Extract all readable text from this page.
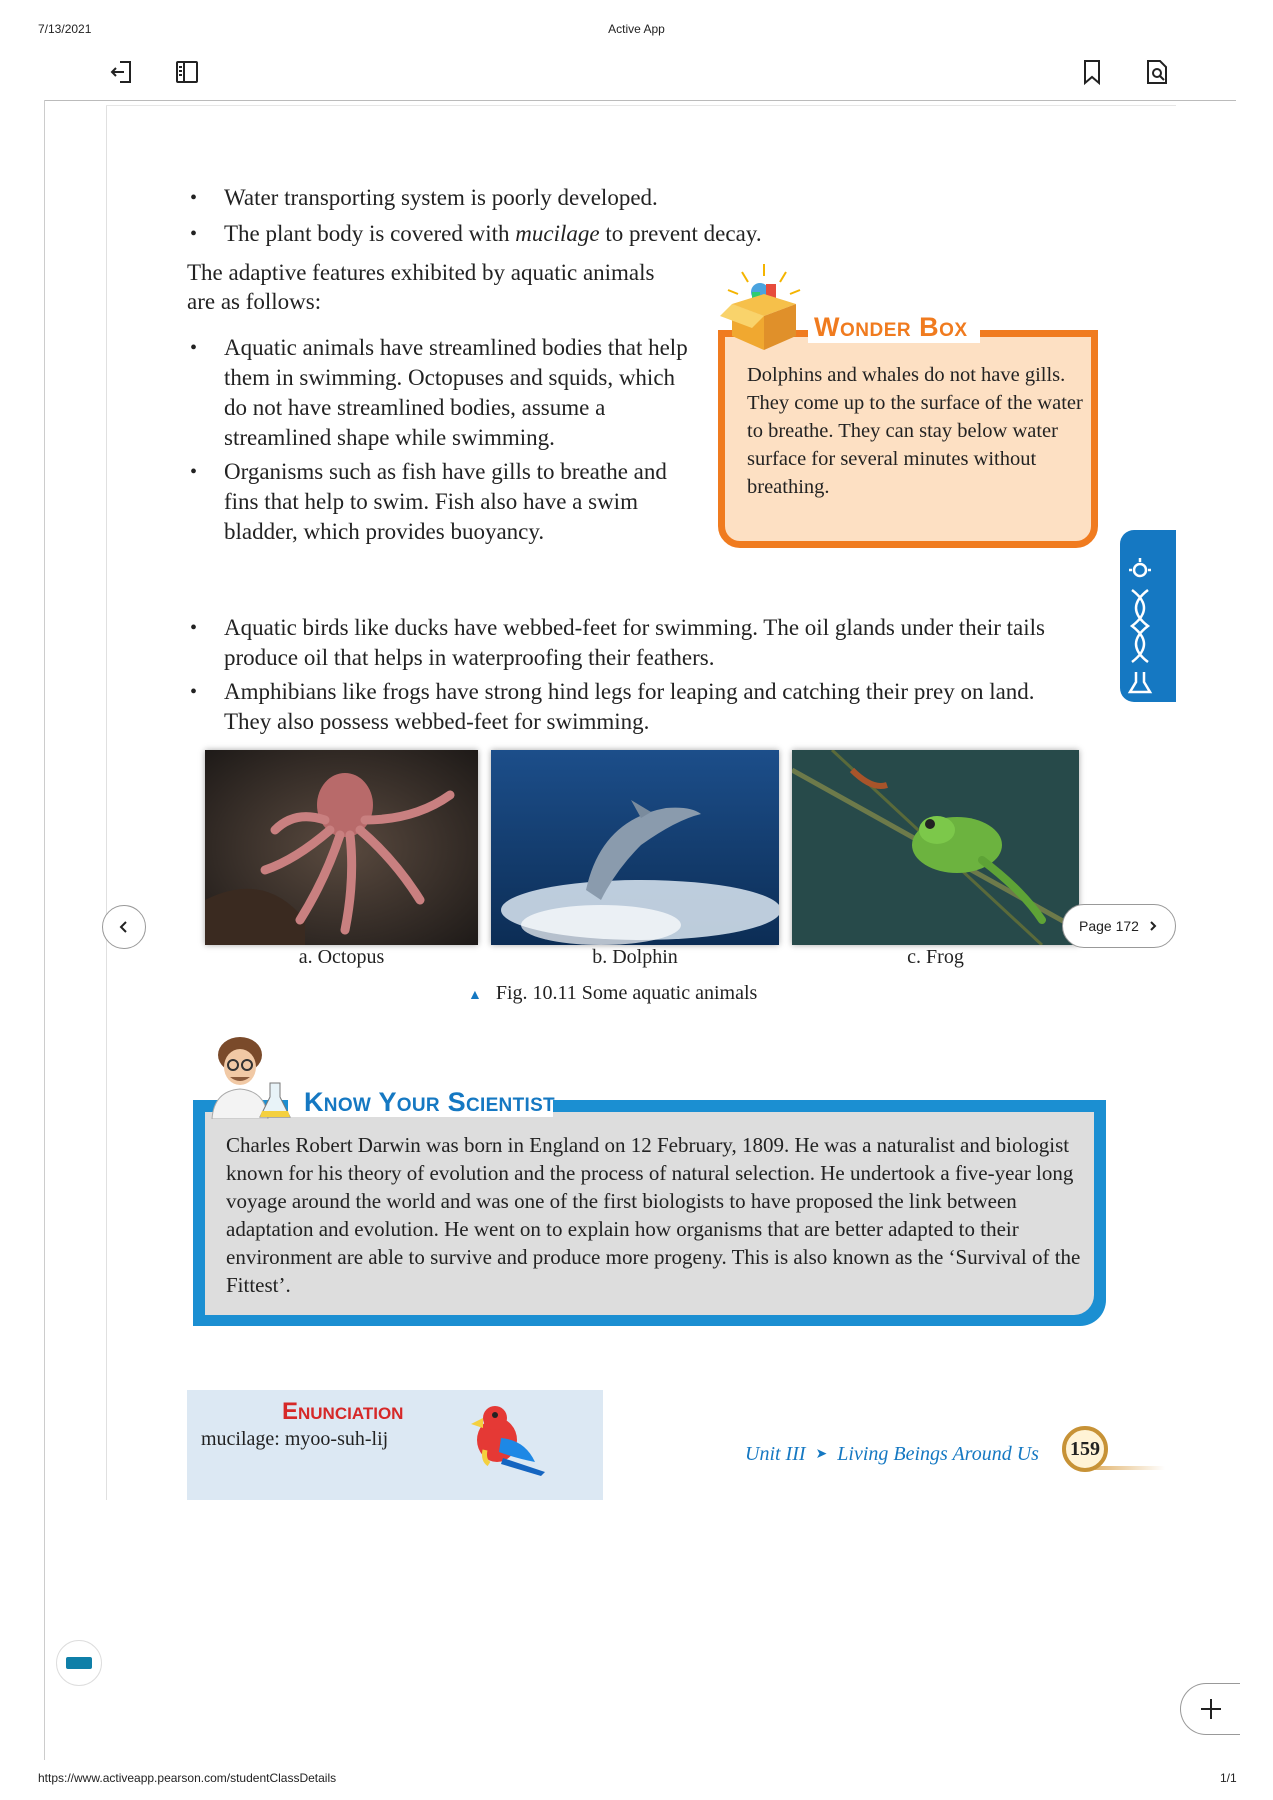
7/13/2021	Active App
• Water transporting system is poorly developed.
• The plant body is covered with mucilage to prevent decay.
The adaptive features exhibited by aquatic animals are as follows:
• Aquatic animals have streamlined bodies that help them in swimming. Octopuses and squids, which do not have streamlined bodies, assume a streamlined shape while swimming.
• Organisms such as fish have gills to breathe and fins that help to swim. Fish also have a swim bladder, which provides buoyancy.
• Aquatic birds like ducks have webbed-feet for swimming. The oil glands under their tails produce oil that helps in waterproofing their feathers.
• Amphibians like frogs have strong hind legs for leaping and catching their prey on land. They also possess webbed-feet for swimming.
Dolphins and whales do not have gills. They come up to the surface of the water to breathe. They can stay below water surface for several minutes without breathing.
Wonder Box
a. Octopus	b. Dolphin	c. Frog
▲ Fig. 10.11 Some aquatic animals
Charles Robert Darwin was born in England on 12 February, 1809. He was a naturalist and biologist known for his theory of evolution and the process of natural selection. He undertook a five-year long voyage around the world and was one of the first biologists to have proposed the link between adaptation and evolution. He went on to explain how organisms that are better adapted to their environment are able to survive and produce more progeny. This is also known as the ‘Survival of the Fittest’.
Know Your Scientist
Enunciation
mucilage: myoo-suh-lij
Unit III ➤ Living Beings Around Us	159
Page 172
https://www.activeapp.pearson.com/studentClassDetails	1/1
